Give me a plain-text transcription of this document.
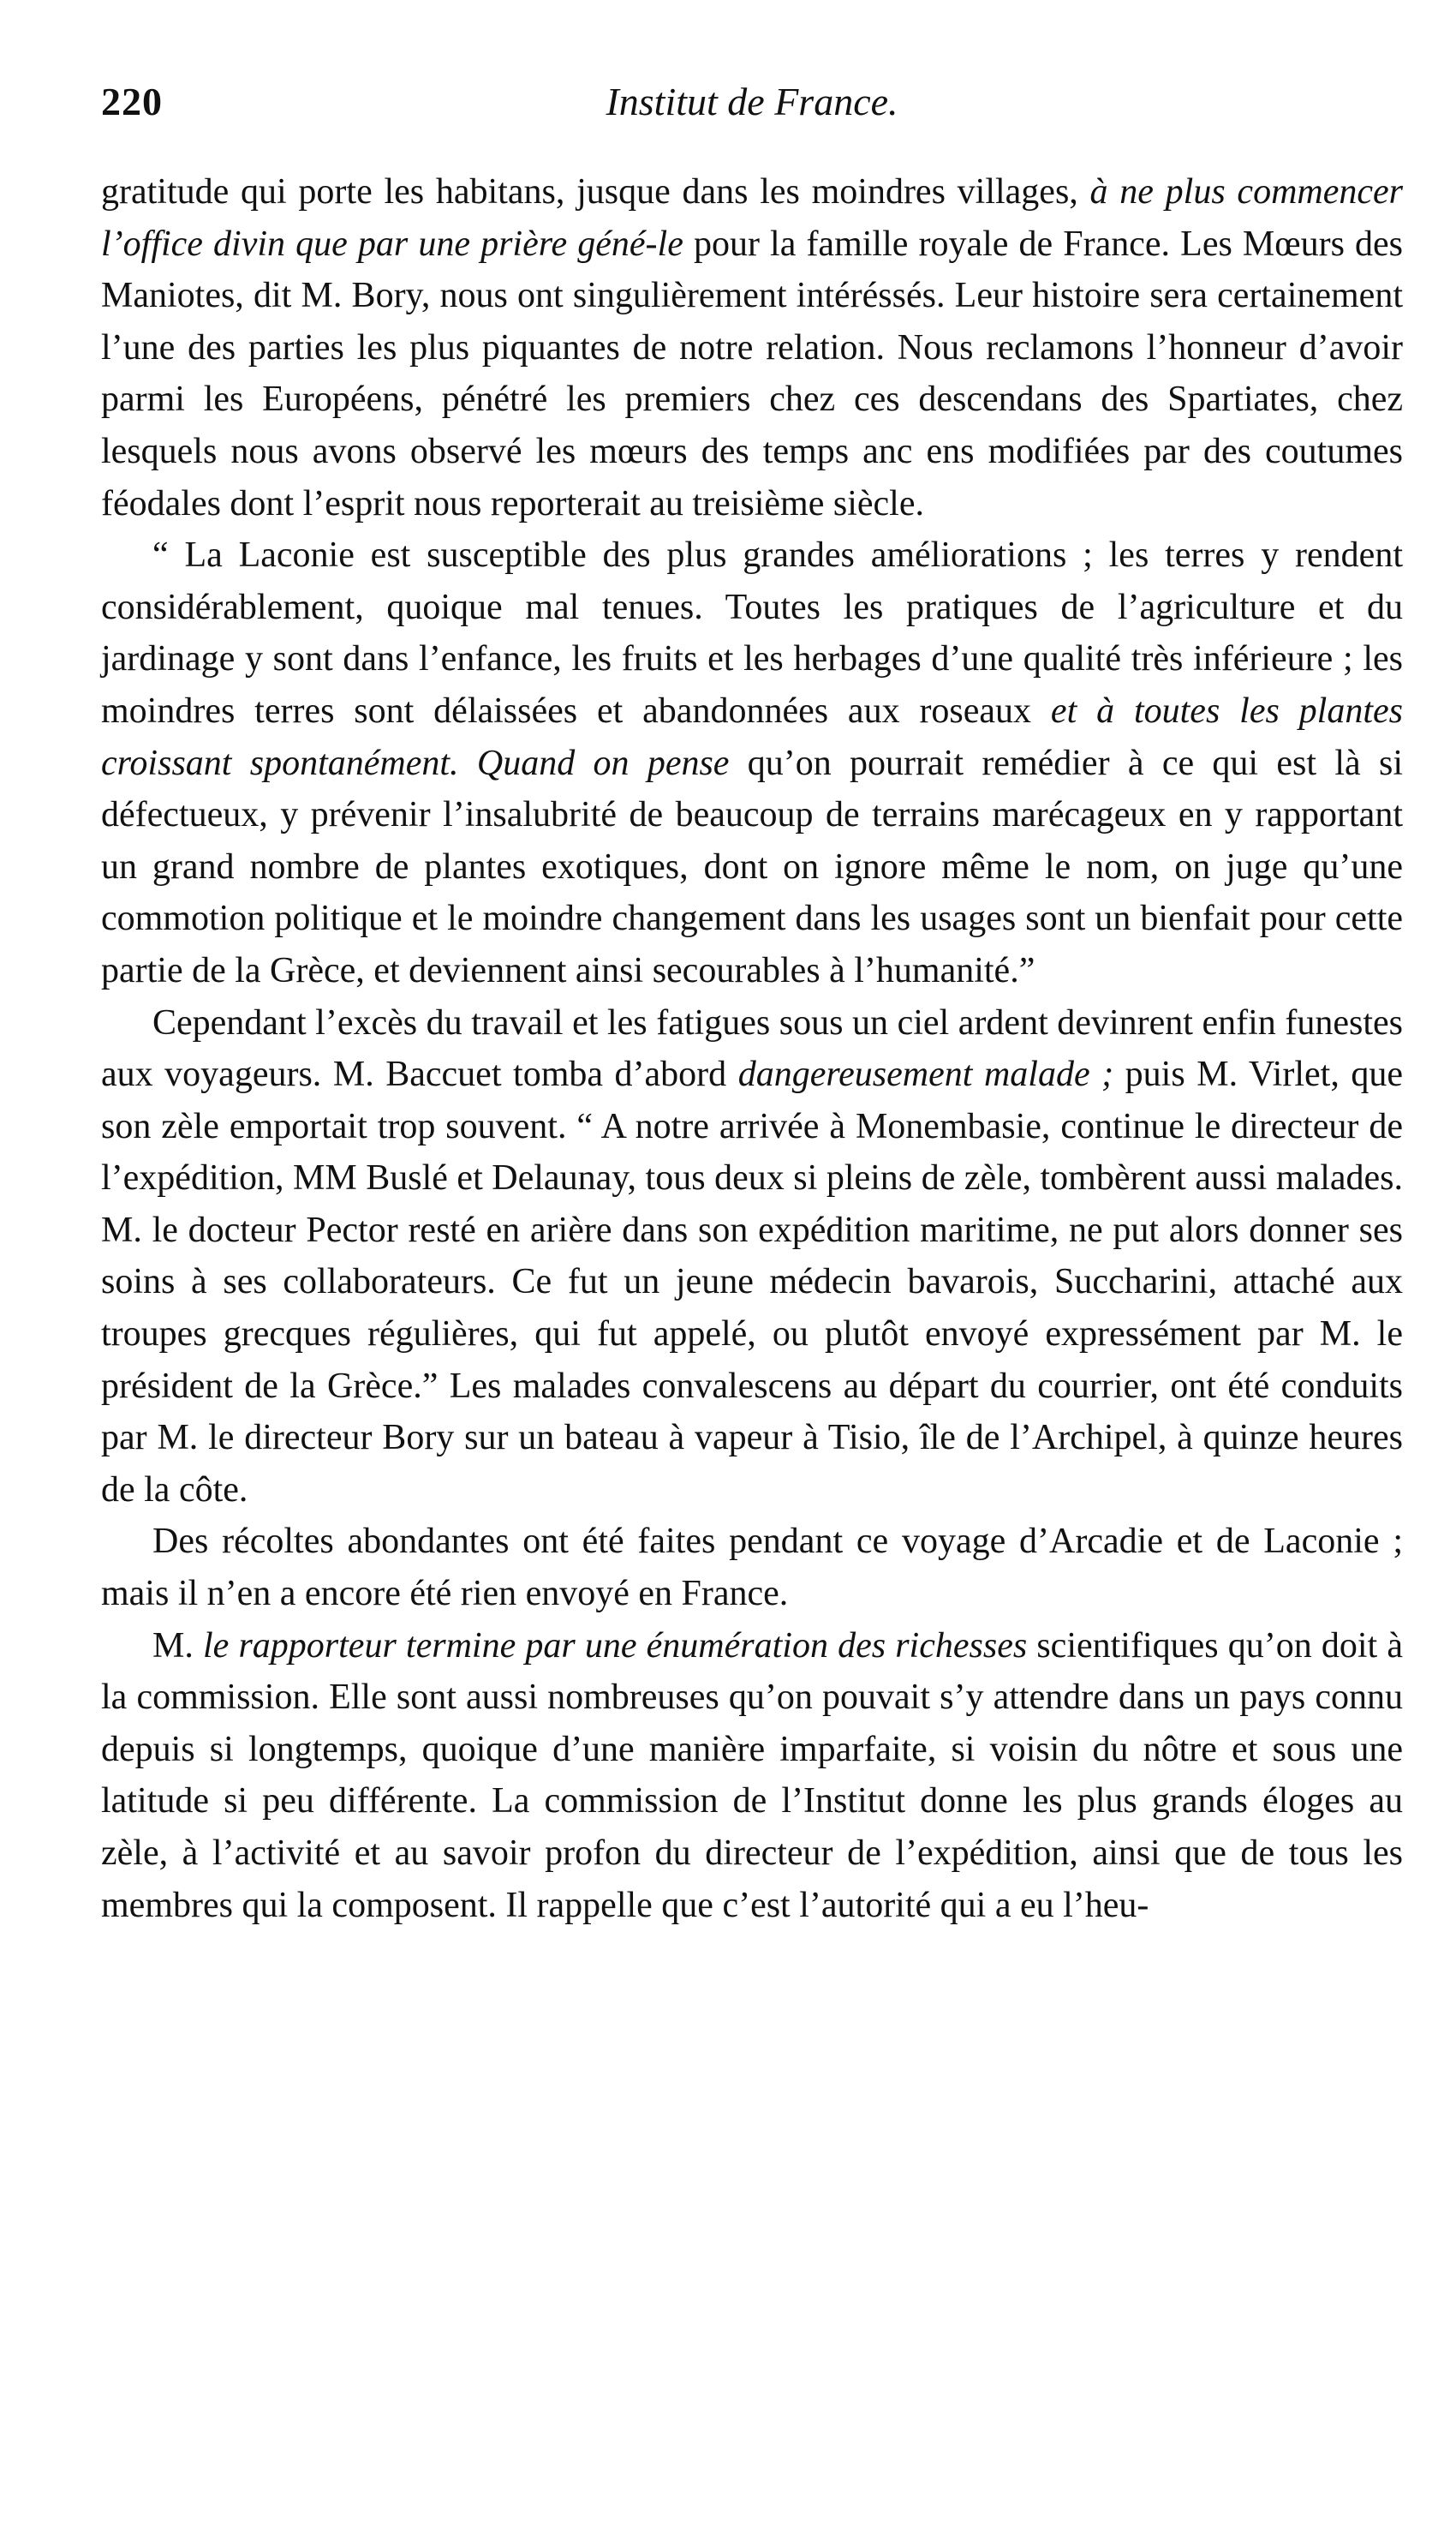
220	Institut de France.

gratitude qui porte les habitans, jusque dans les moindres villages, à ne plus commencer l’office divin que par une prière géné-le pour la famille royale de France. Les Mœurs des Maniotes, dit M. Bory, nous ont singulièrement intéréssés. Leur histoire sera certainement l’une des parties les plus piquantes de notre relation. Nous reclamons l’honneur d’avoir parmi les Européens, pénétré les premiers chez ces descendans des Spartiates, chez lesquels nous avons observé les mœurs des temps anc ens modifiées par des coutumes féodales dont l’esprit nous reporterait au treisième siècle.

“ La Laconie est susceptible des plus grandes améliorations ; les terres y rendent considérablement, quoique mal tenues. Toutes les pratiques de l’agriculture et du jardinage y sont dans l’enfance, les fruits et les herbages d’une qualité très inférieure ; les moindres terres sont délaissées et abandonnées aux roseaux et à toutes les plantes croissant spontanément. Quand on pense qu’on pourrait remédier à ce qui est là si défectueux, y prévenir l’insalubrité de beaucoup de terrains marécageux en y rapportant un grand nombre de plantes exotiques, dont on ignore même le nom, on juge qu’une commotion politique et le moindre changement dans les usages sont un bienfait pour cette partie de la Grèce, et deviennent ainsi secourables à l’humanité.”

Cependant l’excès du travail et les fatigues sous un ciel ardent devinrent enfin funestes aux voyageurs. M. Baccuet tomba d’abord dangereusement malade ; puis M. Virlet, que son zèle emportait trop souvent. “ A notre arrivée à Monembasie, continue le directeur de l’expédition, MM Buslé et Delaunay, tous deux si pleins de zèle, tombèrent aussi malades. M. le docteur Pector resté en arière dans son expédition maritime, ne put alors donner ses soins à ses collaborateurs. Ce fut un jeune médecin bavarois, Succharini, attaché aux troupes grecques régulières, qui fut appelé, ou plutôt envoyé expressément par M. le président de la Grèce.” Les malades convalescens au départ du courrier, ont été conduits par M. le directeur Bory sur un bateau à vapeur à Tisio, île de l’Archipel, à quinze heures de la côte.

Des récoltes abondantes ont été faites pendant ce voyage d’Arcadie et de Laconie ; mais il n’en a encore été rien envoyé en France.

M. le rapporteur termine par une énumération des richesses scientifiques qu’on doit à la commission. Elle sont aussi nombreuses qu’on pouvait s’y attendre dans un pays connu depuis si longtemps, quoique d’une manière imparfaite, si voisin du nôtre et sous une latitude si peu différente. La commission de l’Institut donne les plus grands éloges au zèle, à l’activité et au savoir profon du directeur de l’expédition, ainsi que de tous les membres qui la composent. Il rappelle que c’est l’autorité qui a eu l’heu-
